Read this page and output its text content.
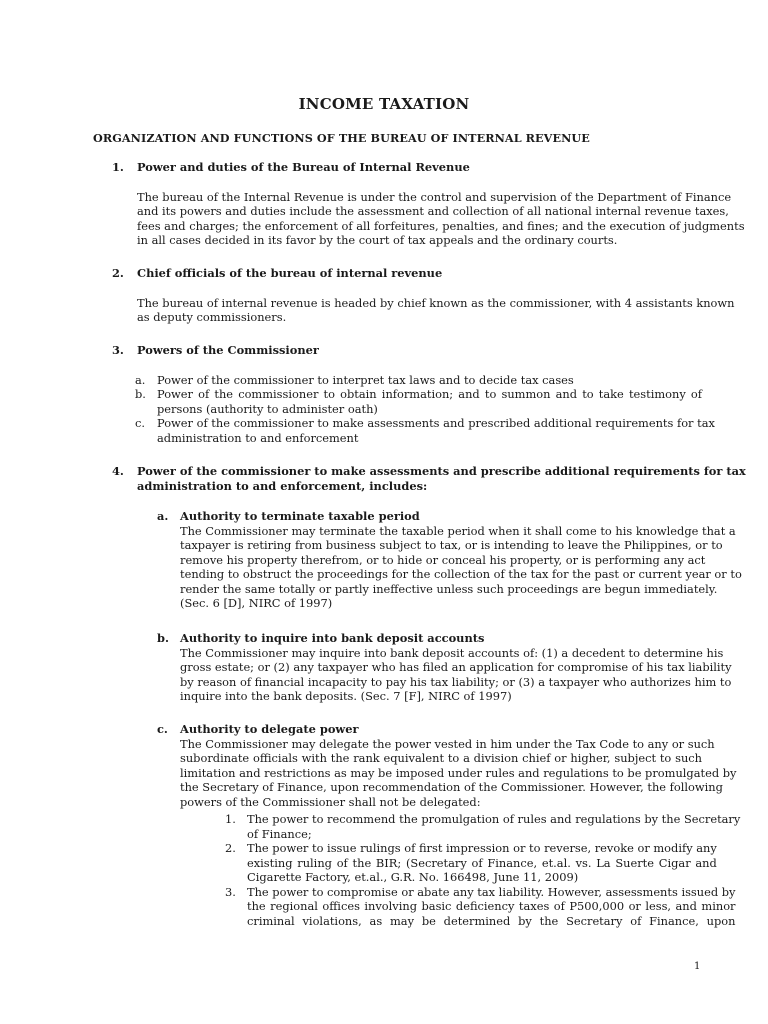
INCOME TAXATION
ORGANIZATION AND FUNCTIONS OF THE BUREAU OF INTERNAL REVENUE
1.	Power and duties of the Bureau of Internal Revenue
The bureau of the Internal Revenue is under the control and supervision of the Department of Finance
and its powers and duties include the assessment and collection of all national internal revenue taxes,
fees and charges; the enforcement of all forfeitures, penalties, and fines; and the execution of judgments
in all cases decided in its favor by the court of tax appeals and the ordinary courts.
2.	Chief officials of the bureau of internal revenue
The bureau of internal revenue is headed by chief known as the commissioner, with 4 assistants known
as deputy commissioners.
3.	Powers of the Commissioner
a.	Power of the commissioner to interpret tax laws and to decide tax cases
b. Power of the commissioner to obtain information; and to summon and to take testimony of
persons (authority to administer oath)
c.	Power of the commissioner to make assessments and prescribed additional requirements for tax
administration to and enforcement
4.	Power of the commissioner to make assessments and prescribe additional requirements for tax
administration to and enforcement, includes:
a.	Authority to terminate taxable period
The Commissioner may terminate the taxable period when it shall come to his knowledge that a
taxpayer is retiring from business subject to tax, or is intending to leave the Philippines, or to
remove his property therefrom, or to hide or conceal his property, or is performing any act
tending to obstruct the proceedings for the collection of the tax for the past or current year or to
render the same totally or partly ineffective unless such proceedings are begun immediately.
(Sec. 6 [D], NIRC of 1997)
b. Authority to inquire into bank deposit accounts
The Commissioner may inquire into bank deposit accounts of: (1) a decedent to determine his
gross estate; or (2) any taxpayer who has filed an application for compromise of his tax liability
by reason of financial incapacity to pay his tax liability; or (3) a taxpayer who authorizes him to
inquire into the bank deposits. (Sec. 7 [F], NIRC of 1997)
c.	Authority to delegate power
The Commissioner may delegate the power vested in him under the Tax Code to any or such
subordinate officials with the rank equivalent to a division chief or higher, subject to such
limitation and restrictions as may be imposed under rules and regulations to be promulgated by
the Secretary of Finance, upon recommendation of the Commissioner. However, the following
powers of the Commissioner shall not be delegated:
1. The power to recommend the promulgation of rules and regulations by the Secretary
of Finance;
2. The power to issue rulings of first impression or to reverse, revoke or modify any
existing ruling of the BIR; (Secretary of Finance, et.al. vs. La Suerte Cigar and
Cigarette Factory, et.al., G.R. No. 166498, June 11, 2009)
3. The power to compromise or abate any tax liability. However, assessments issued by
the regional offices involving basic deficiency taxes of P500,000 or less, and minor
criminal violations, as may be determined by the Secretary of Finance, upon
1
